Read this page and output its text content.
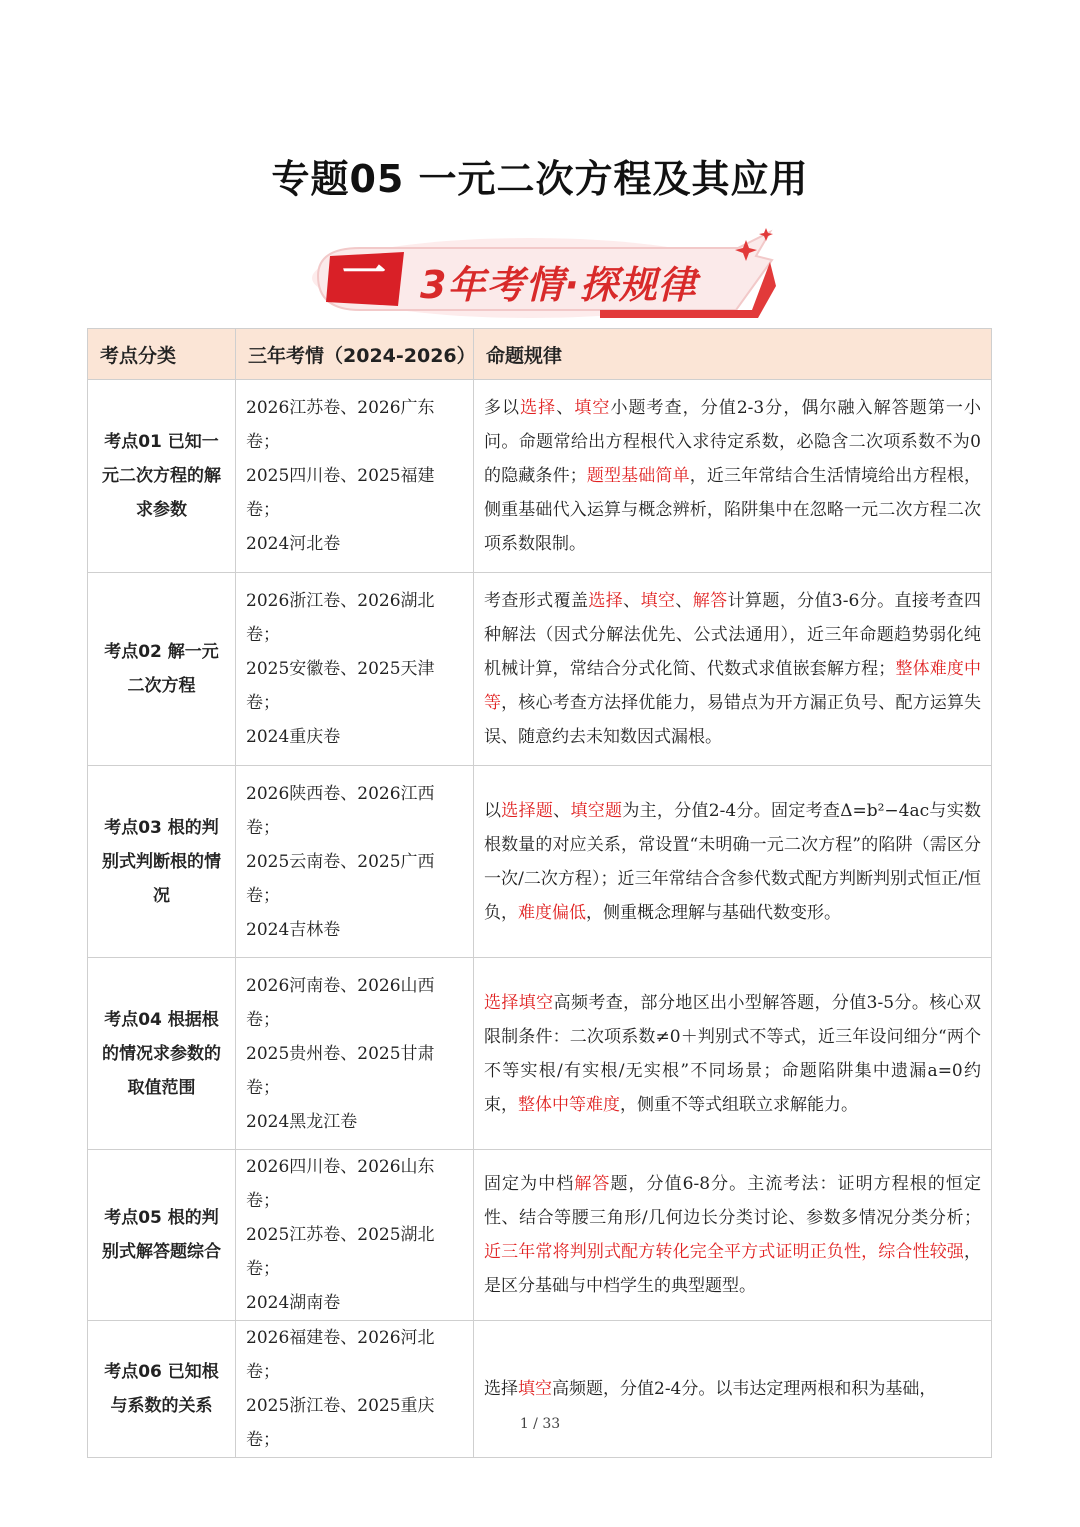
专题05 一元二次方程及其应用
一 3年考情·探规律
考点分类	三年考情（2024-2026）	命题规律
考点01 已知一元二次方程的解求参数	2026江苏卷、2026广东卷；
2025四川卷、2025福建卷；
2024河北卷	多以选择、填空小题考查，分值2-3分，偶尔融入解答题第一小问。命题常给出方程根代入求待定系数，必隐含二次项系数不为0的隐藏条件；题型基础简单，近三年常结合生活情境给出方程根，侧重基础代入运算与概念辨析，陷阱集中在忽略一元二次方程二次项系数限制。
考点02 解一元二次方程	2026浙江卷、2026湖北卷；
2025安徽卷、2025天津卷；
2024重庆卷	考查形式覆盖选择、填空、解答计算题，分值3-6分。直接考查四种解法（因式分解法优先、公式法通用），近三年命题趋势弱化纯机械计算，常结合分式化简、代数式求值嵌套解方程；整体难度中等，核心考查方法择优能力，易错点为开方漏正负号、配方运算失误、随意约去未知数因式漏根。
考点03 根的判别式判断根的情况	2026陕西卷、2026江西卷；
2025云南卷、2025广西卷；
2024吉林卷	以选择题、填空题为主，分值2-4分。固定考查Δ=b²−4ac与实数根数量的对应关系，常设置“未明确一元二次方程”的陷阱（需区分一次/二次方程）；近三年常结合含参代数式配方判断判别式恒正/恒负，难度偏低，侧重概念理解与基础代数变形。
考点04 根据根的情况求参数的取值范围	2026河南卷、2026山西卷；
2025贵州卷、2025甘肃卷；
2024黑龙江卷	选择填空高频考查，部分地区出小型解答题，分值3-5分。核心双限制条件：二次项系数≠0＋判别式不等式，近三年设问细分“两个不等实根/有实根/无实根”不同场景；命题陷阱集中遗漏a=0约束，整体中等难度，侧重不等式组联立求解能力。
考点05 根的判别式解答题综合	2026四川卷、2026山东卷；
2025江苏卷、2025湖北卷；
2024湖南卷	固定为中档解答题，分值6-8分。主流考法：证明方程根的恒定性、结合等腰三角形/几何边长分类讨论、参数多情况分类分析；近三年常将判别式配方转化完全平方式证明正负性，综合性较强，是区分基础与中档学生的典型题型。
考点06 已知根与系数的关系	2026福建卷、2026河北卷；
2025浙江卷、2025重庆卷；	选择填空高频题，分值2-4分。以韦达定理两根和积为基础，
1 / 33
